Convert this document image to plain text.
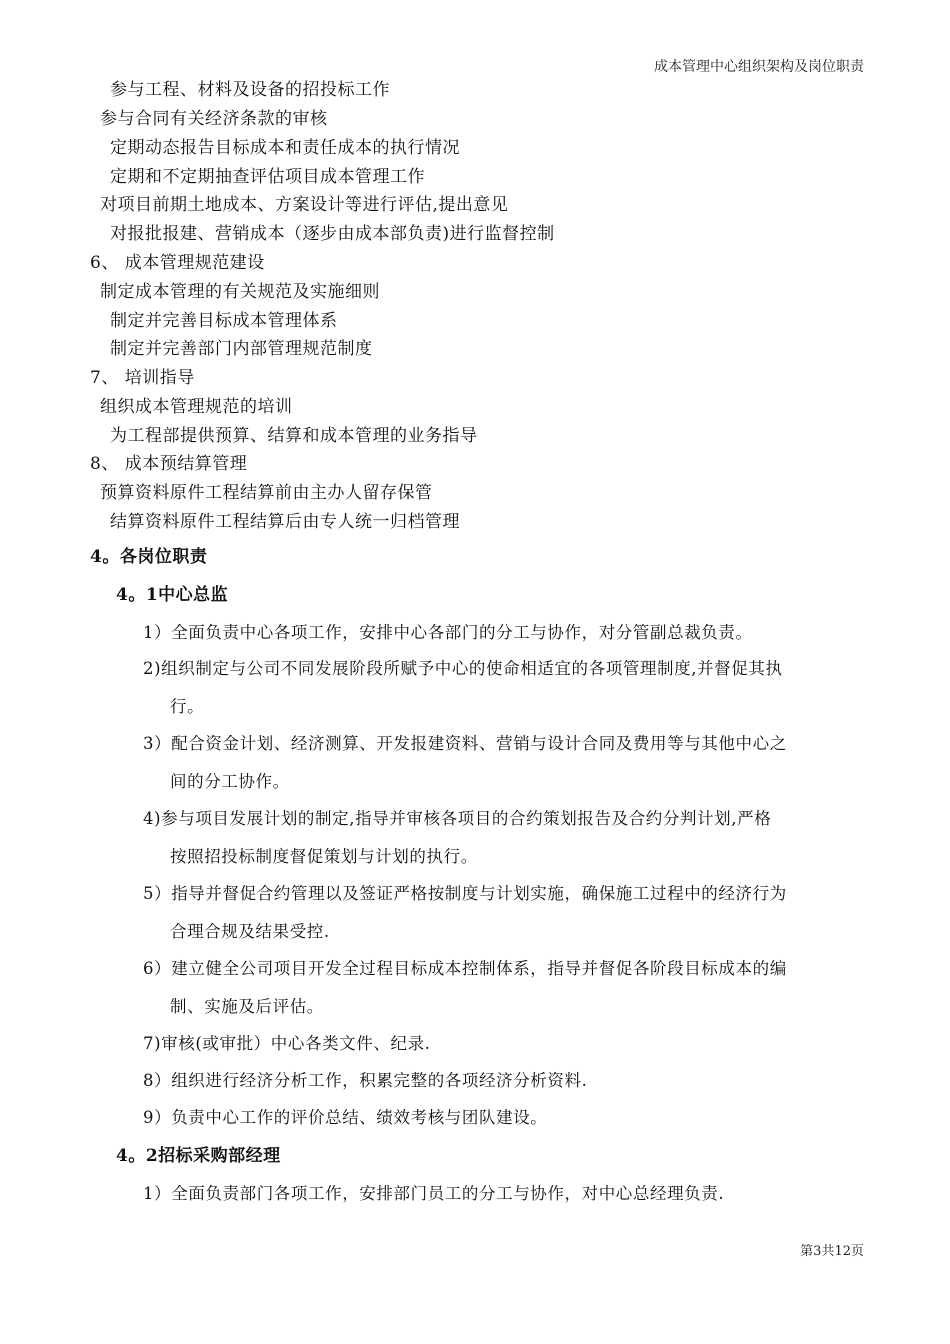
成本管理中心组织架构及岗位职责
参与工程、材料及设备的招投标工作
参与合同有关经济条款的审核
定期动态报告目标成本和责任成本的执行情况
定期和不定期抽查评估项目成本管理工作
对项目前期土地成本、方案设计等进行评估,提出意见
对报批报建、营销成本（逐步由成本部负责)进行监督控制
6、 成本管理规范建设
制定成本管理的有关规范及实施细则
制定并完善目标成本管理体系
制定并完善部门内部管理规范制度
7、 培训指导
组织成本管理规范的培训
为工程部提供预算、结算和成本管理的业务指导
8、 成本预结算管理
预算资料原件工程结算前由主办人留存保管
结算资料原件工程结算后由专人统一归档管理
4。各岗位职责
4。1中心总监
1）全面负责中心各项工作，安排中心各部门的分工与协作，对分管副总裁负责。
2)组织制定与公司不同发展阶段所赋予中心的使命相适宜的各项管理制度,并督促其执
行。
3）配合资金计划、经济测算、开发报建资料、营销与设计合同及费用等与其他中心之
间的分工协作。
4)参与项目发展计划的制定,指导并审核各项目的合约策划报告及合约分判计划,严格
按照招投标制度督促策划与计划的执行。
5）指导并督促合约管理以及签证严格按制度与计划实施，确保施工过程中的经济行为
合理合规及结果受控.
6）建立健全公司项目开发全过程目标成本控制体系，指导并督促各阶段目标成本的编
制、实施及后评估。
7)审核(或审批）中心各类文件、纪录.
8）组织进行经济分析工作，积累完整的各项经济分析资料.
9）负责中心工作的评价总结、绩效考核与团队建设。
4。2招标采购部经理
1）全面负责部门各项工作，安排部门员工的分工与协作，对中心总经理负责.
第3共12页
